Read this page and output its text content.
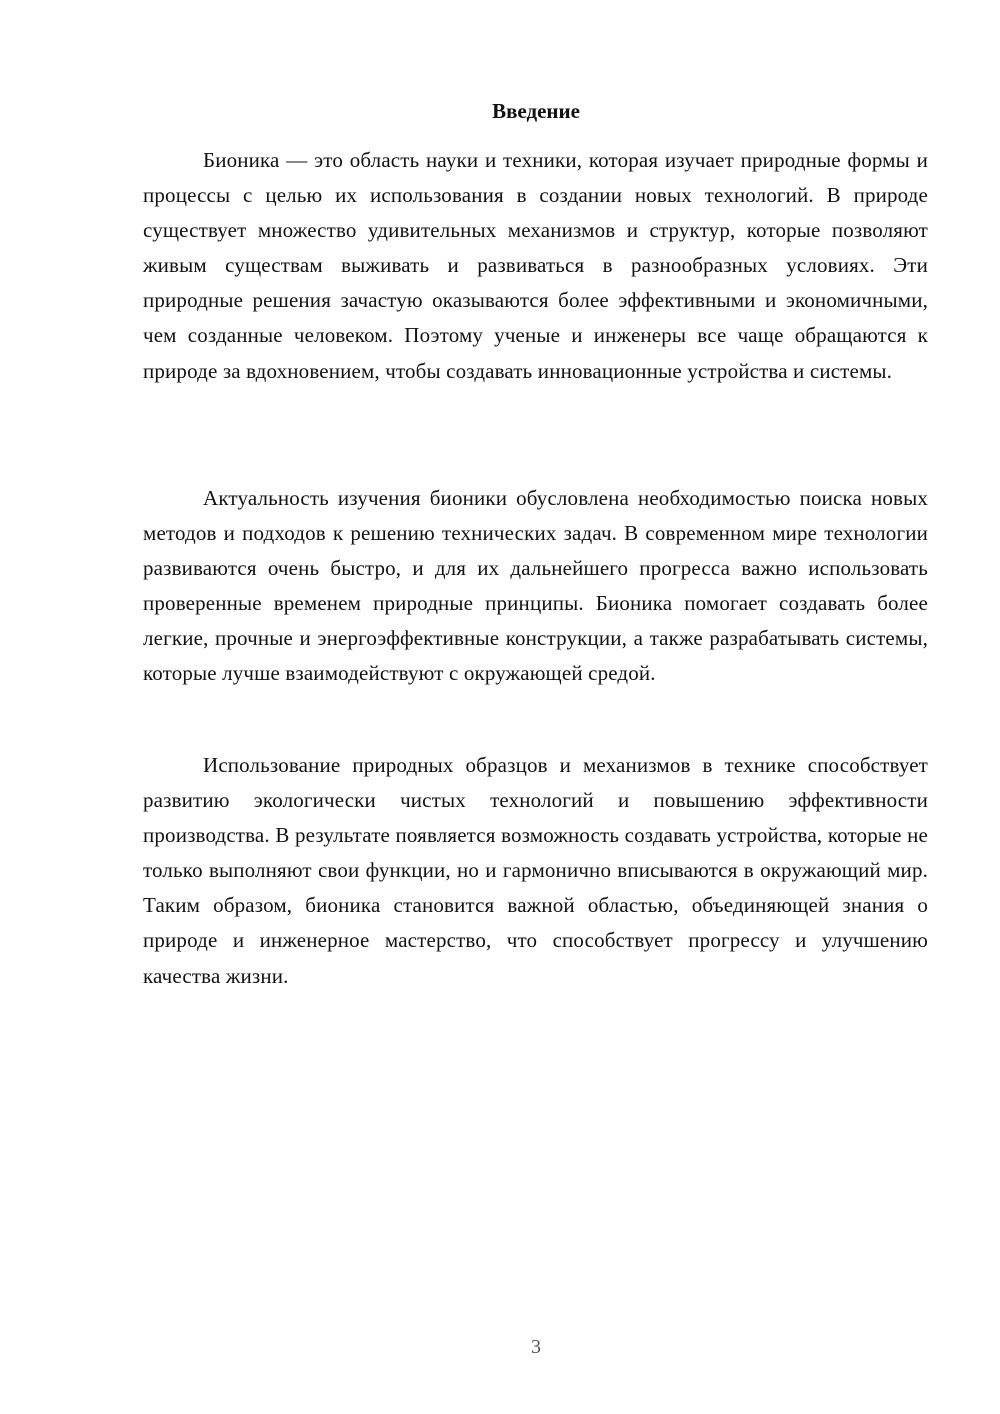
Введение

Бионика — это область науки и техники, которая изучает природные формы и процессы с целью их использования в создании новых технологий. В природе существует множество удивительных механизмов и структур, которые позволяют живым существам выживать и развиваться в разнообразных условиях. Эти природные решения зачастую оказываются более эффективными и экономичными, чем созданные человеком. Поэтому ученые и инженеры все чаще обращаются к природе за вдохновением, чтобы создавать инновационные устройства и системы.

Актуальность изучения бионики обусловлена необходимостью поиска новых методов и подходов к решению технических задач. В современном мире технологии развиваются очень быстро, и для их дальнейшего прогресса важно использовать проверенные временем природные принципы. Бионика помогает создавать более легкие, прочные и энергоэффективные конструкции, а также разрабатывать системы, которые лучше взаимодействуют с окружающей средой.

Использование природных образцов и механизмов в технике способствует развитию экологически чистых технологий и повышению эффективности производства. В результате появляется возможность создавать устройства, которые не только выполняют свои функции, но и гармонично вписываются в окружающий мир. Таким образом, бионика становится важной областью, объединяющей знания о природе и инженерное мастерство, что способствует прогрессу и улучшению качества жизни.

3
